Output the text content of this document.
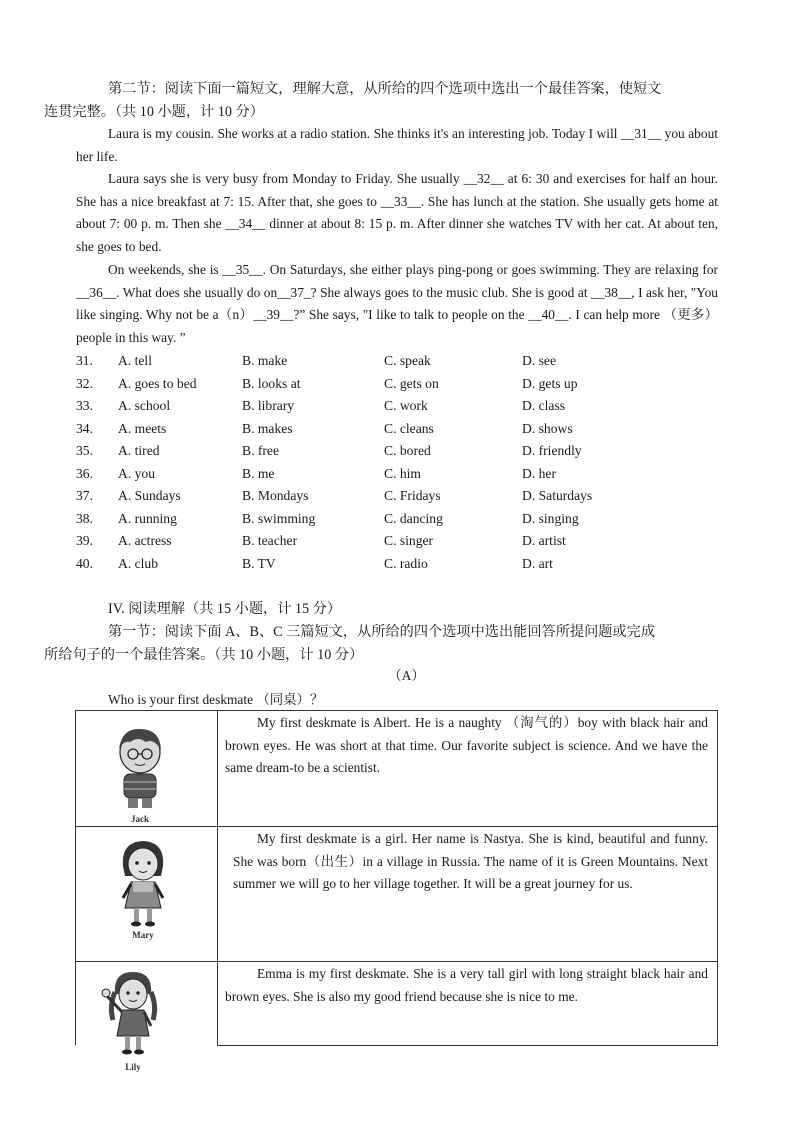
第二节：阅读下面一篇短文，理解大意，从所给的四个选项中选出一个最佳答案，使短文
连贯完整。（共 10 小题，计 10 分）

Laura is my cousin. She works at a radio station. She thinks it's an interesting job. Today I will __31__ you about her life.

Laura says she is very busy from Monday to Friday. She usually __32__ at 6: 30 and exercises for half an hour. She has a nice breakfast at 7: 15. After that, she goes to __33__. She has lunch at the station. She usually gets home at about 7: 00 p. m. Then she __34__ dinner at about 8: 15 p. m. After dinner she watches TV with her cat. At about ten, she goes to bed.

On weekends, she is __35__. On Saturdays, she either plays ping-pong or goes swimming. They are relaxing for __36__. What does she usually do on__37_? She always goes to the music club. She is good at __38__, I ask her, "You like singing. Why not be a（n）__39__?” She says, "I like to talk to people on the __40__. I can help more （更多）people in this way. ”

31. A. tell	B. make	C. speak	D. see
32. A. goes to bed	B. looks at	C. gets on	D. gets up
33. A. school	B. library	C. work	D. class
34. A. meets	B. makes	C. cleans	D. shows
35. A. tired	B. free	C. bored	D. friendly
36. A. you	B. me	C. him	D. her
37. A. Sundays	B. Mondays	C. Fridays	D. Saturdays
38. A. running	B. swimming	C. dancing	D. singing
39. A. actress	B. teacher	C. singer	D. artist
40. A. club	B. TV	C. radio	D. art
IV. 阅读理解（共 15 小题，计 15 分）
第一节：阅读下面 A、B、C 三篇短文，从所给的四个选项中选出能回答所提问题或完成
所给句子的一个最佳答案。（共 10 小题，计 10 分）
（A）
Who is your first deskmate （同桌）？
Jack

My first deskmate is Albert. He is a naughty （淘气的）boy with black hair and brown eyes. He was short at that time. Our favorite subject is science. And we have the same dream-to be a scientist.

Mary

My first deskmate is a girl. Her name is Nastya. She is kind, beautiful and funny. She was born（出生）in a village in Russia. The name of it is Green Mountains. Next summer we will go to her village together. It will be a great journey for us.

Lily

Emma is my first deskmate. She is a very tall girl with long straight black hair and brown eyes. She is also my good friend because she is nice to me.
